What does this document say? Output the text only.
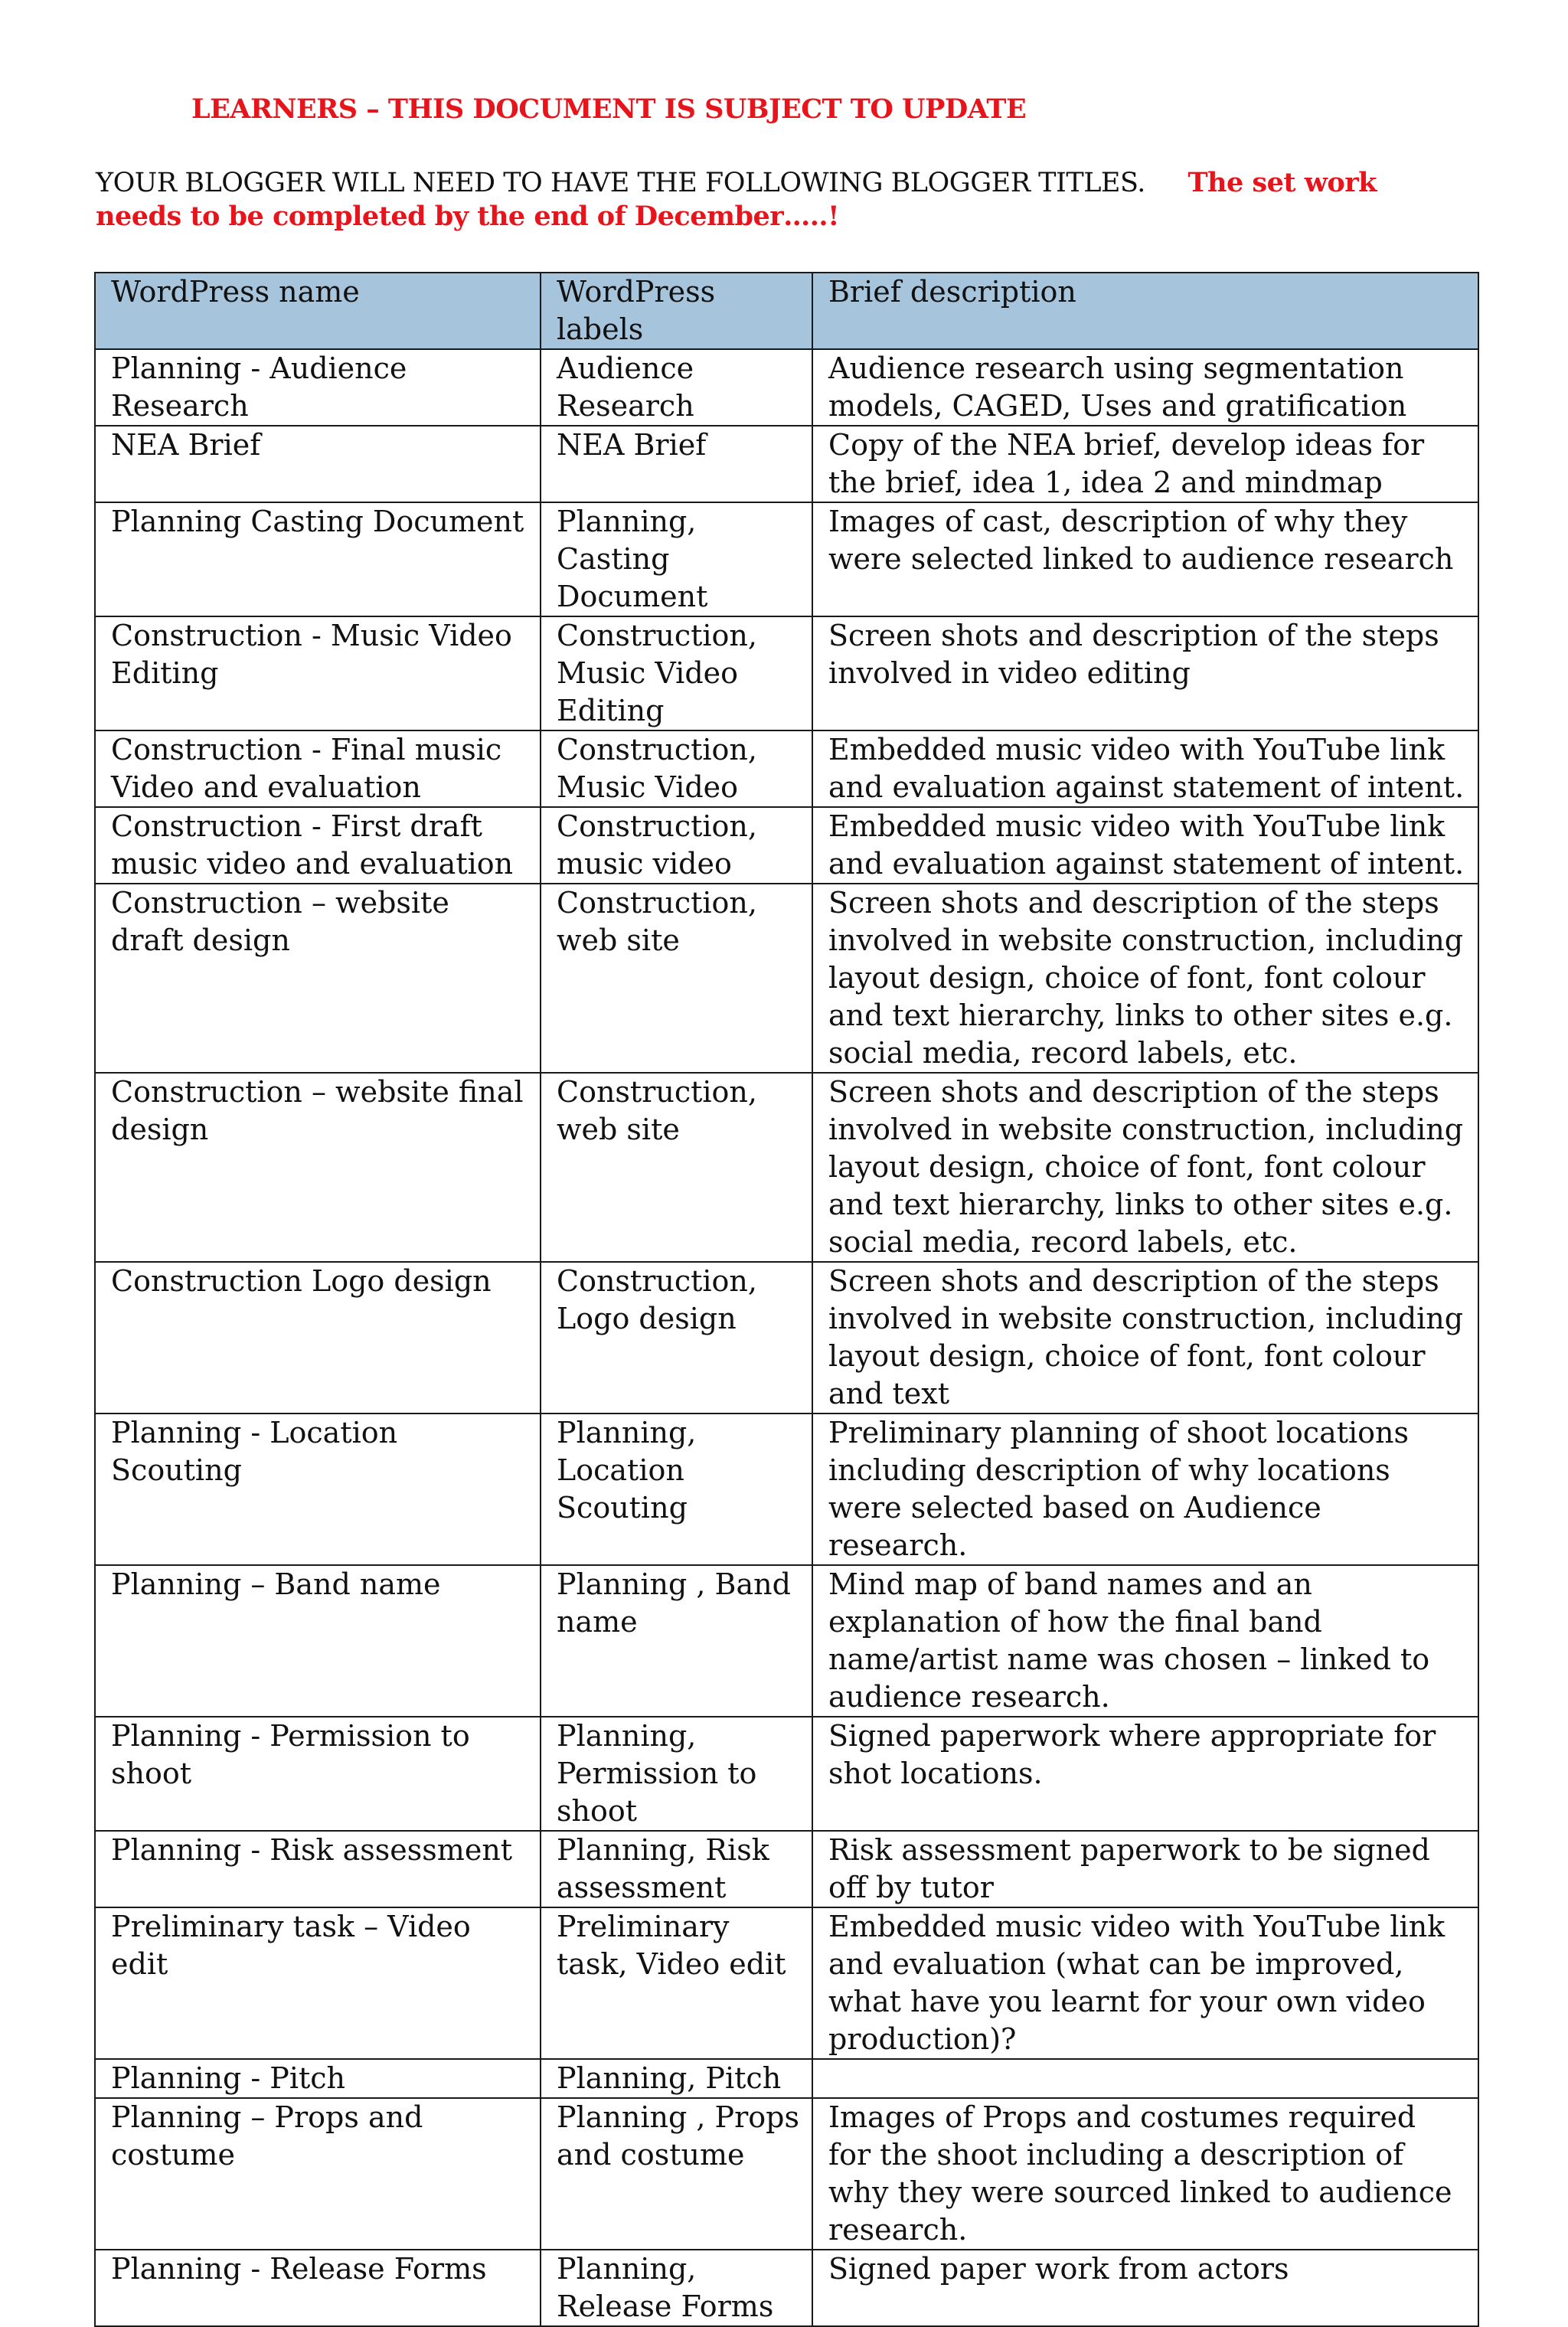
LEARNERS – THIS DOCUMENT IS SUBJECT TO UPDATE
YOUR BLOGGER WILL NEED TO HAVE THE FOLLOWING BLOGGER TITLES. The set work needs to be completed by the end of December…..!
WordPress name	WordPress labels	Brief description
Planning - Audience Research	Audience Research	Audience research using segmentation models, CAGED, Uses and gratification
NEA Brief	NEA Brief	Copy of the NEA brief, develop ideas for the brief, idea 1, idea 2 and mindmap
Planning Casting Document	Planning, Casting Document	Images of cast, description of why they were selected linked to audience research
Construction - Music Video Editing	Construction, Music Video Editing	Screen shots and description of the steps involved in video editing
Construction - Final music Video and evaluation	Construction, Music Video	Embedded music video with YouTube link and evaluation against statement of intent.
Construction - First draft music video and evaluation	Construction, music video	Embedded music video with YouTube link and evaluation against statement of intent.
Construction – website draft design	Construction, web site	Screen shots and description of the steps involved in website construction, including layout design, choice of font, font colour and text hierarchy, links to other sites e.g. social media, record labels, etc.
Construction – website final design	Construction, web site	Screen shots and description of the steps involved in website construction, including layout design, choice of font, font colour and text hierarchy, links to other sites e.g. social media, record labels, etc.
Construction Logo design	Construction, Logo design	Screen shots and description of the steps involved in website construction, including layout design, choice of font, font colour and text
Planning - Location Scouting	Planning, Location Scouting	Preliminary planning of shoot locations including description of why locations were selected based on Audience research.
Planning – Band name	Planning , Band name	Mind map of band names and an explanation of how the final band name/artist name was chosen – linked to audience research.
Planning - Permission to shoot	Planning, Permission to shoot	Signed paperwork where appropriate for shot locations.
Planning - Risk assessment	Planning, Risk assessment	Risk assessment paperwork to be signed off by tutor
Preliminary task – Video edit	Preliminary task, Video edit	Embedded music video with YouTube link and evaluation (what can be improved, what have you learnt for your own video production)?
Planning - Pitch	Planning, Pitch	
Planning – Props and costume	Planning , Props and costume	Images of Props and costumes required for the shoot including a description of why they were sourced linked to audience research.
Planning - Release Forms	Planning, Release Forms	Signed paper work from actors
